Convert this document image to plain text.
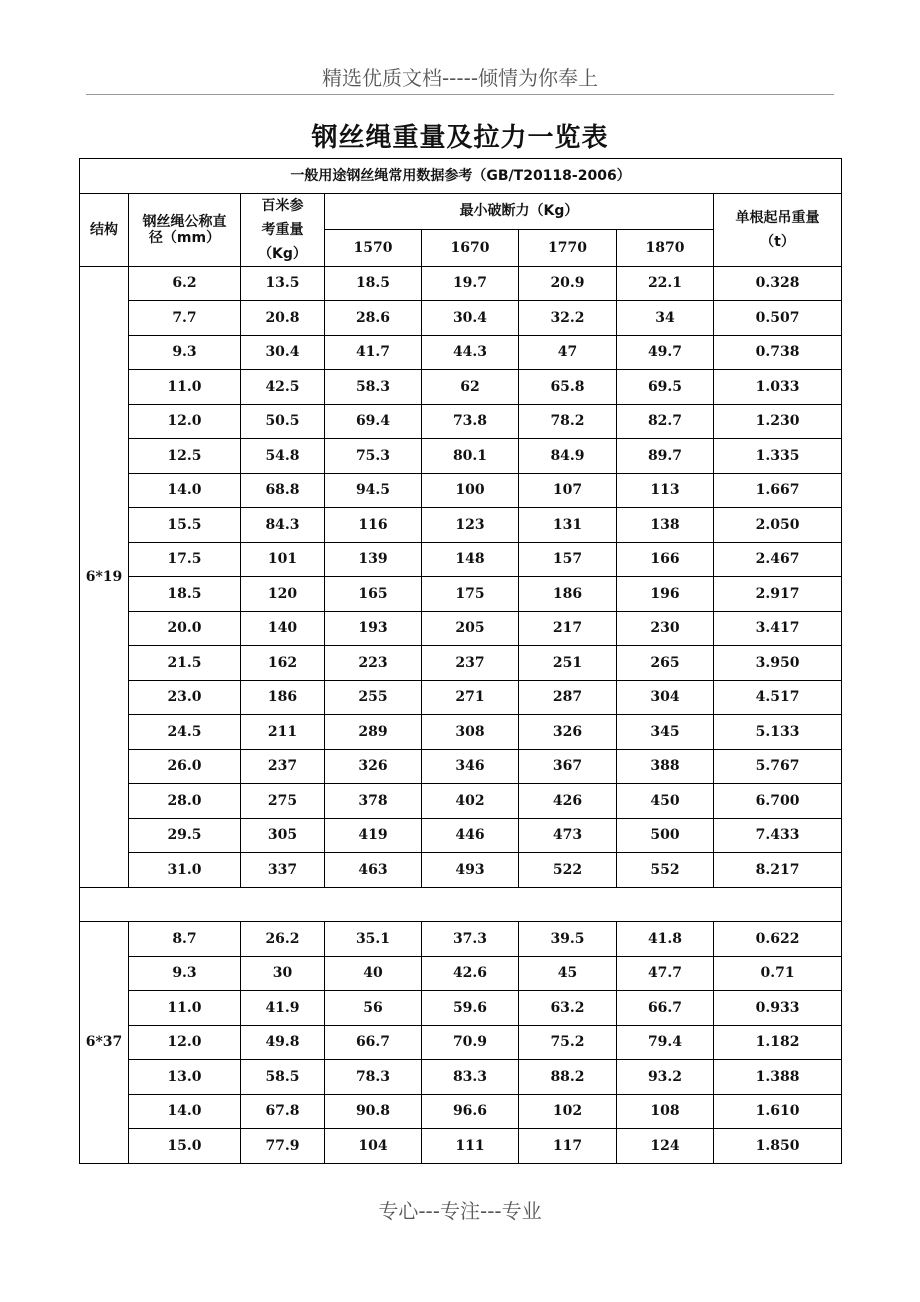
精选优质文档-----倾情为你奉上
钢丝绳重量及拉力一览表
一般用途钢丝绳常用数据参考（GB/T20118-2006）							
结构	钢丝绳公称直径（mm）	百米参考重量（Kg）	最小破断力（Kg）				单根起吊重量（t）
			1570	1670	1770	1870	
6*19	6.2	13.5	18.5	19.7	20.9	22.1	0.328
	7.7	20.8	28.6	30.4	32.2	34	0.507
	9.3	30.4	41.7	44.3	47	49.7	0.738
	11.0	42.5	58.3	62	65.8	69.5	1.033
	12.0	50.5	69.4	73.8	78.2	82.7	1.230
	12.5	54.8	75.3	80.1	84.9	89.7	1.335
	14.0	68.8	94.5	100	107	113	1.667
	15.5	84.3	116	123	131	138	2.050
	17.5	101	139	148	157	166	2.467
	18.5	120	165	175	186	196	2.917
	20.0	140	193	205	217	230	3.417
	21.5	162	223	237	251	265	3.950
	23.0	186	255	271	287	304	4.517
	24.5	211	289	308	326	345	5.133
	26.0	237	326	346	367	388	5.767
	28.0	275	378	402	426	450	6.700
	29.5	305	419	446	473	500	7.433
	31.0	337	463	493	522	552	8.217

6*37	8.7	26.2	35.1	37.3	39.5	41.8	0.622
	9.3	30	40	42.6	45	47.7	0.71
	11.0	41.9	56	59.6	63.2	66.7	0.933
	12.0	49.8	66.7	70.9	75.2	79.4	1.182
	13.0	58.5	78.3	83.3	88.2	93.2	1.388
	14.0	67.8	90.8	96.6	102	108	1.610
	15.0	77.9	104	111	117	124	1.850
专心---专注---专业
